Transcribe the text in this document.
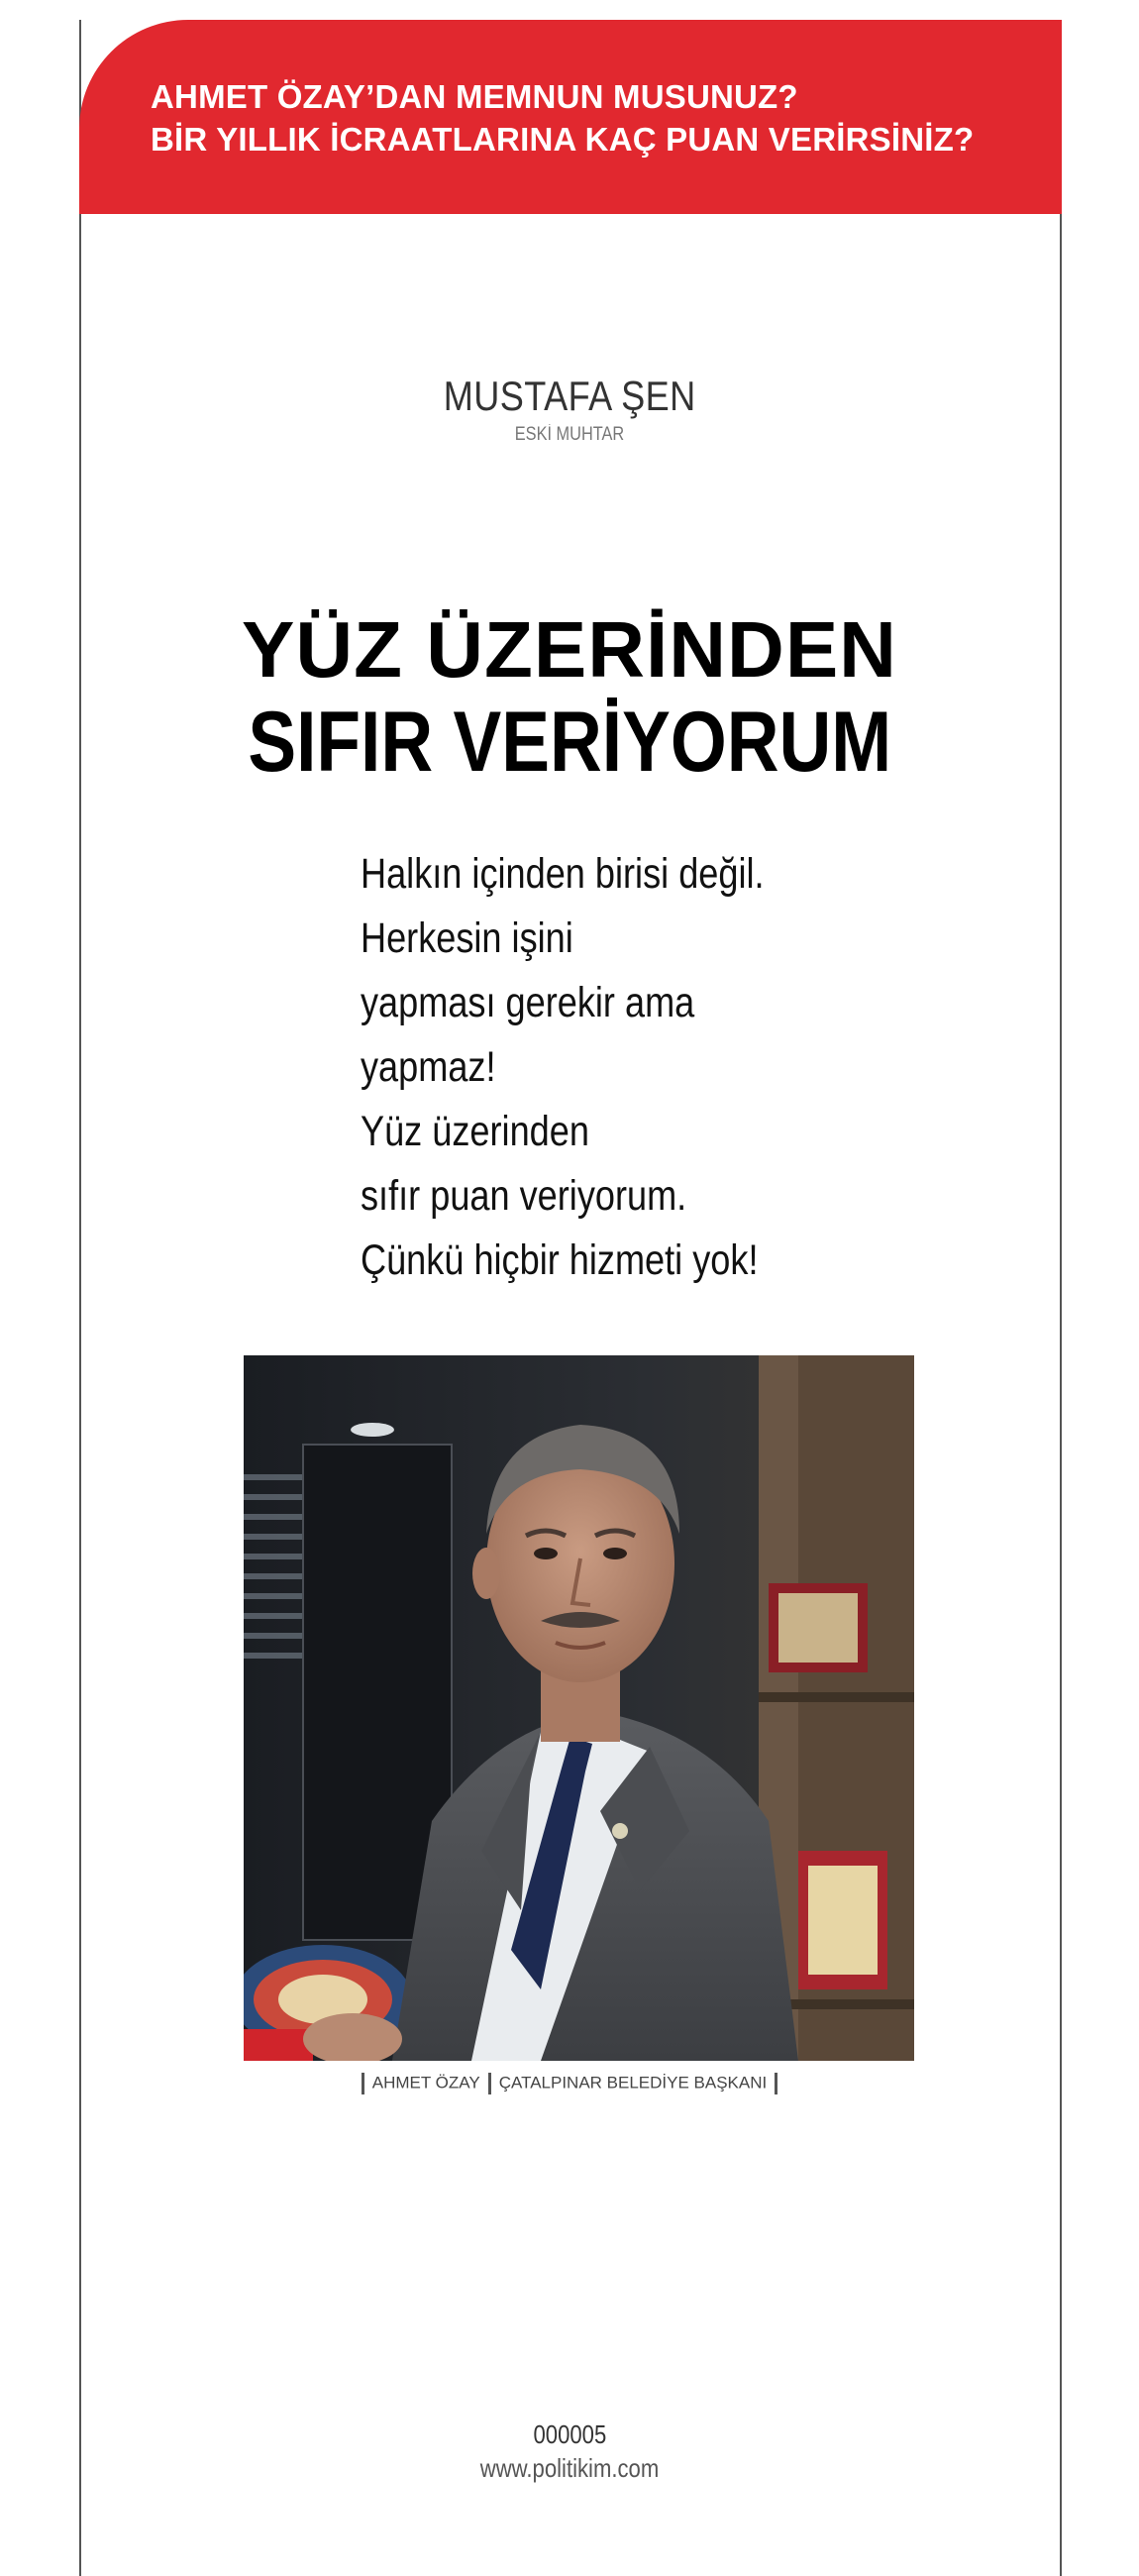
AHMET ÖZAY’DAN MEMNUN MUSUNUZ?
BİR YILLIK İCRAATLARINA KAÇ PUAN VERİRSİNİZ?
MUSTAFA ŞEN
ESKİ MUHTAR
YÜZ ÜZERİNDEN
SIFIR VERİYORUM
Halkın içinden birisi değil.
Herkesin işini
yapması gerekir ama
yapmaz!
Yüz üzerinden
sıfır puan veriyorum.
Çünkü hiçbir hizmeti yok!
AHMET ÖZAY ÇATALPINAR BELEDİYE BAŞKANI
000005
www.politikim.com
